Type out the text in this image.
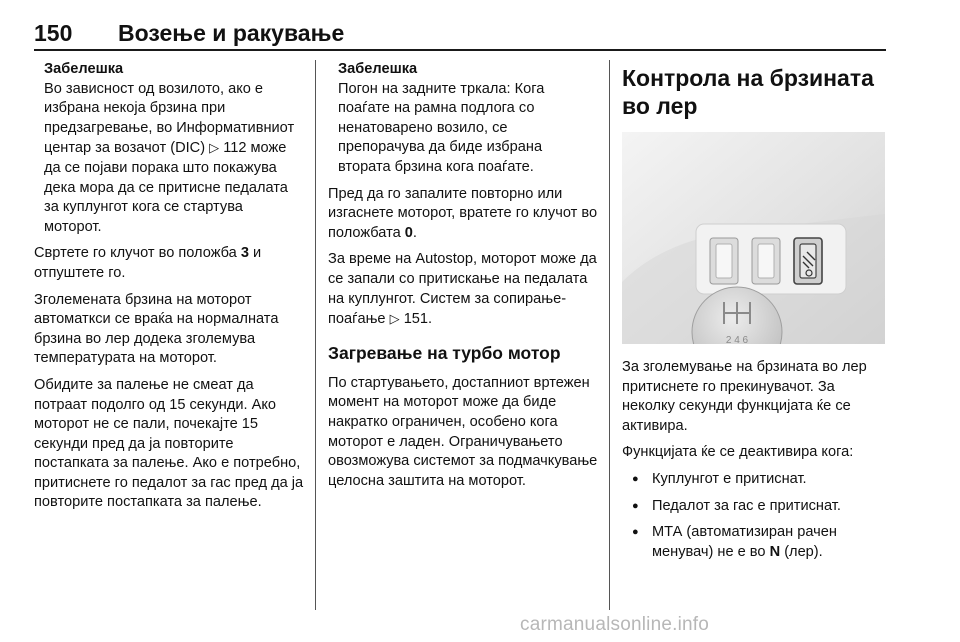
150 Возење и ракување
Забелешка
Во зависност од возилото, ако е избрана некоја брзина при предзагревање, во Информативниот центар за возачот (DIC) ▷ 112 може да се појави порака што покажува дека мора да се притисне педалата за куплунгот кога се стартува моторот.

Свртете го клучот во положба 3 и отпуштете го.

Зголемената брзина на моторот автоматкси се враќа на нормалната брзина во лер додека зголемува температурата на моторот.

Обидите за палење не смеат да потраат подолго од 15 секунди. Ако моторот не се пали, почекајте 15 секунди пред да ја повторите постапката за палење. Ако е потребно, притиснете го педалот за гас пред да ја повторите постапката за палење.

Забелешка
Погон на задните тркала: Кога поаѓате на рамна подлога со ненатоварено возило, се препорачува да биде избрана втората брзина кога поаѓате.

Пред да го запалите повторно или изгаснете моторот, вратете го клучот во положбата 0.

За време на Autostop, моторот може да се запали со притискање на педалата на куплунгот. Систем за сопирање-поаѓање ▷ 151.

Загревање на турбо мотор

По стартувањето, достапниот вртежен момент на моторот може да биде накратко ограничен, особено кога моторот е ладен. Ограничувањето овозможува системот за подмачкување целосна заштита на моторот.

Контрола на брзината во лер
2 4 6

За зголемување на брзината во лер притиснете го прекинувачот. За неколку секунди функцијата ќе се активира.

Функцијата ќе се деактивира кога:

● Куплунгот е притиснат.
● Педалот за гас е притиснат.
● МТА (автоматизиран рачен менувач) не е во N (лер).
carmanualsonline.info
